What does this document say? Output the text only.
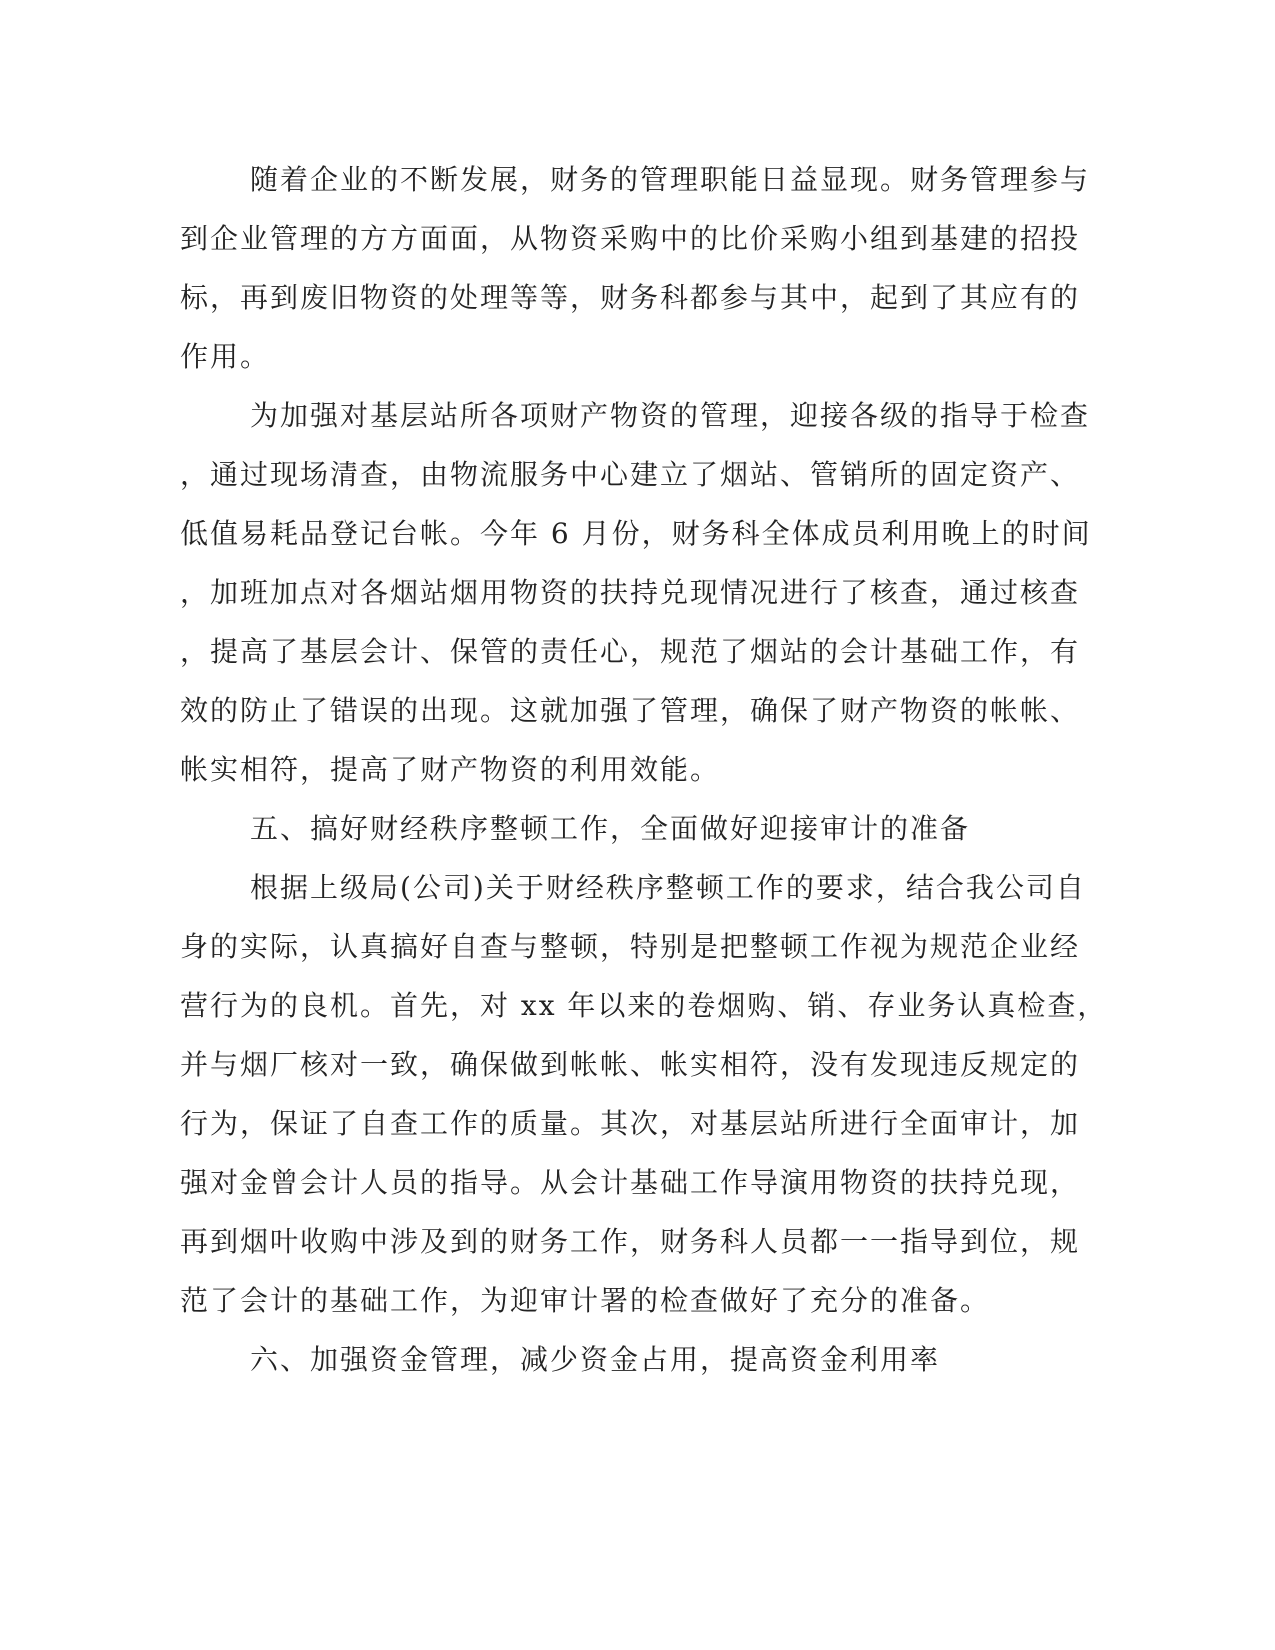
随着企业的不断发展，财务的管理职能日益显现。财务管理参与
到企业管理的方方面面，从物资采购中的比价采购小组到基建的招投
标，再到废旧物资的处理等等，财务科都参与其中，起到了其应有的
作用。
为加强对基层站所各项财产物资的管理，迎接各级的指导于检查
，通过现场清查，由物流服务中心建立了烟站、管销所的固定资产、
低值易耗品登记台帐。今年 6 月份，财务科全体成员利用晚上的时间
，加班加点对各烟站烟用物资的扶持兑现情况进行了核查，通过核查
，提高了基层会计、保管的责任心，规范了烟站的会计基础工作，有
效的防止了错误的出现。这就加强了管理，确保了财产物资的帐帐、
帐实相符，提高了财产物资的利用效能。
五、搞好财经秩序整顿工作，全面做好迎接审计的准备
根据上级局(公司)关于财经秩序整顿工作的要求，结合我公司自
身的实际，认真搞好自查与整顿，特别是把整顿工作视为规范企业经
营行为的良机。首先，对 xx 年以来的卷烟购、销、存业务认真检查，
并与烟厂核对一致，确保做到帐帐、帐实相符，没有发现违反规定的
行为，保证了自查工作的质量。其次，对基层站所进行全面审计，加
强对金曾会计人员的指导。从会计基础工作导演用物资的扶持兑现，
再到烟叶收购中涉及到的财务工作，财务科人员都一一指导到位，规
范了会计的基础工作，为迎审计署的检查做好了充分的准备。
六、加强资金管理，减少资金占用，提高资金利用率
